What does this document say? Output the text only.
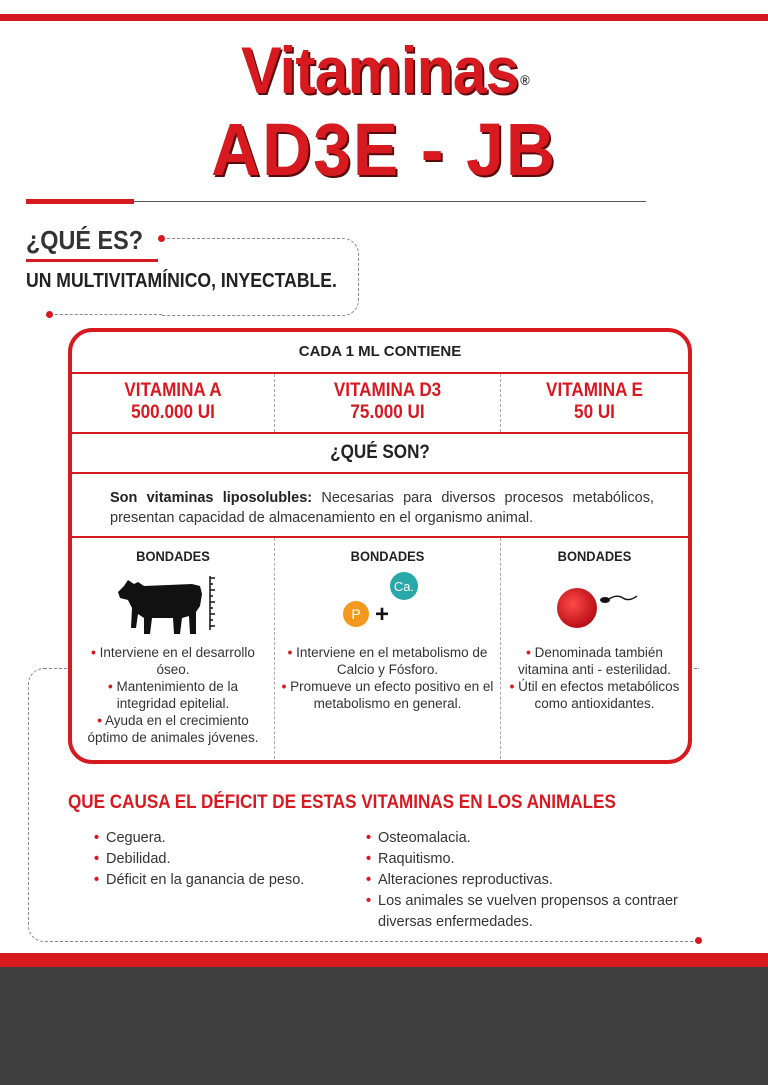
Vitaminas ®
AD3E - JB
¿QUÉ ES?
UN MULTIVITAMÍNICO, INYECTABLE.
CADA 1 ML CONTIENE
VITAMINA A
500.000 UI
VITAMINA D3
75.000 UI
VITAMINA E
50 UI
¿QUÉ SON?
Son vitaminas liposolubles: Necesarias para diversos procesos metabólicos, presentan capacidad de almacenamiento en el organismo animal.
BONDADES
• Interviene en el desarrollo óseo.
• Mantenimiento de la integridad epitelial.
• Ayuda en el crecimiento óptimo de animales jóvenes.
BONDADES
P +
Ca.
• Interviene en el metabolismo de Calcio y Fósforo.
• Promueve un efecto positivo en el metabolismo en general.
BONDADES
• Denominada también vitamina anti - esterilidad.
• Útil en efectos metabólicos como antioxidantes.
QUE CAUSA EL DÉFICIT DE ESTAS VITAMINAS EN LOS ANIMALES
• Ceguera.
• Debilidad.
• Déficit en la ganancia de peso.
• Osteomalacia.
• Raquitismo.
• Alteraciones reproductivas.
• Los animales se vuelven propensos a contraer diversas enfermedades.
